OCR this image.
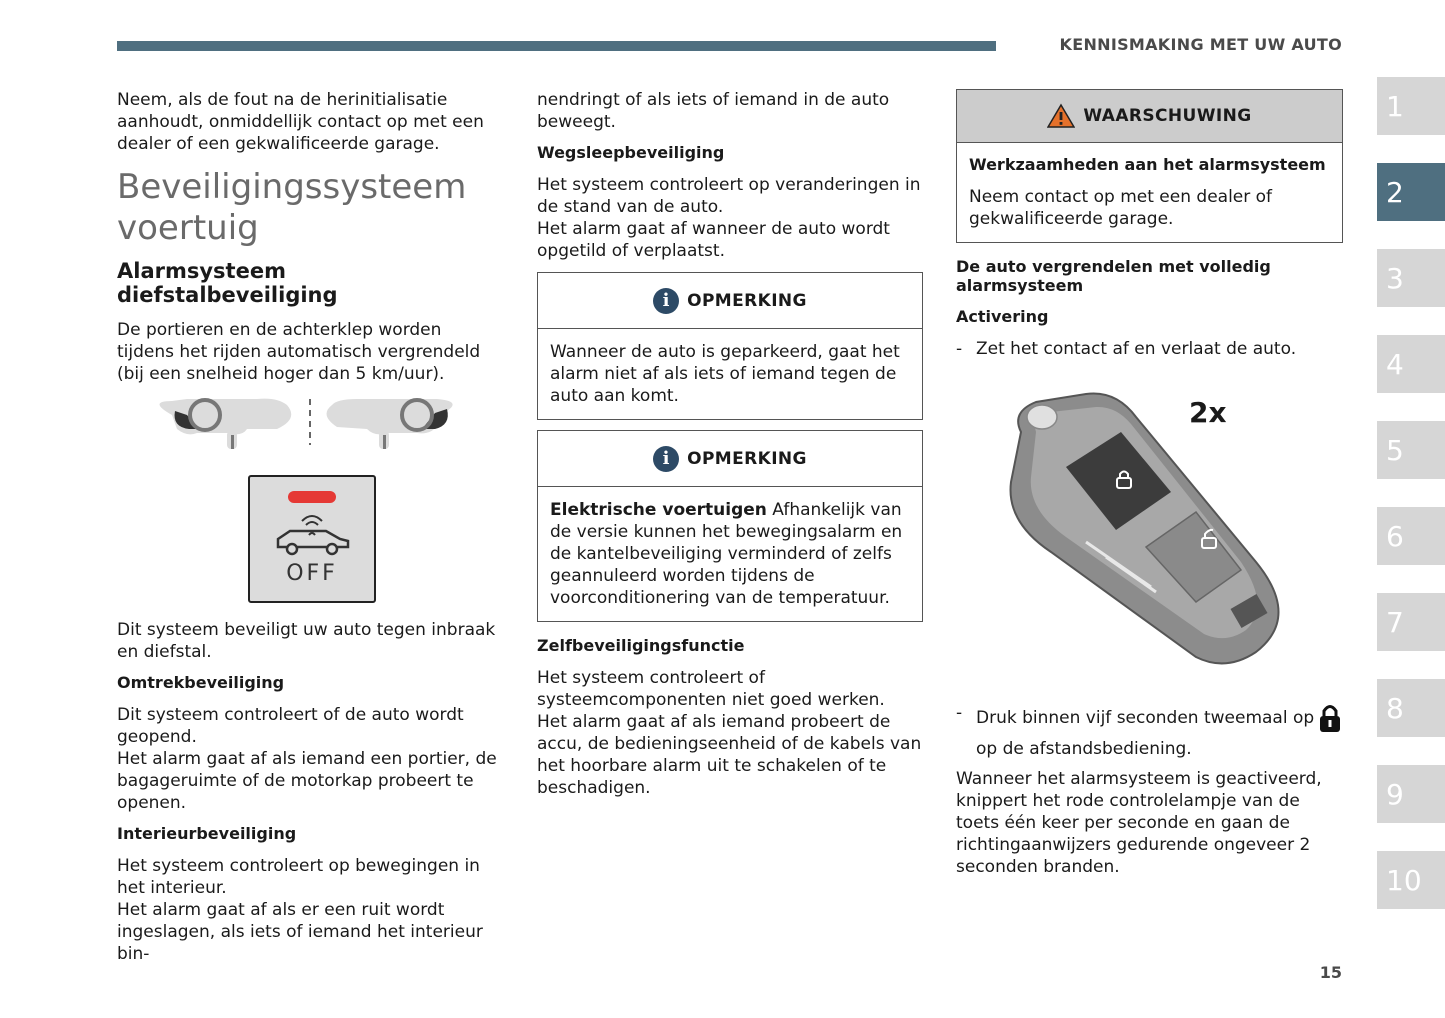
KENNISMAKING MET UW AUTO

Neem, als de fout na de herinitialisatie aanhoudt, onmiddellijk contact op met een dealer of een gekwalificeerde garage.

Beveiligingssysteem
voertuig
Alarmsysteem diefstalbeveiliging

De portieren en de achterklep worden tijdens het rijden automatisch vergrendeld (bij een snelheid hoger dan 5 km/uur).

OFF

Dit systeem beveiligt uw auto tegen inbraak en diefstal.

Omtrekbeveiliging

Dit systeem controleert of de auto wordt geopend.

Het alarm gaat af als iemand een portier, de bagageruimte of de motorkap probeert te openen.

Interieurbeveiliging

Het systeem controleert op bewegingen in het interieur.

Het alarm gaat af als er een ruit wordt ingeslagen, als iets of iemand het interieur bin-

nendringt of als iets of iemand in de auto beweegt.

Wegsleepbeveiliging

Het systeem controleert op veranderingen in de stand van de auto.

Het alarm gaat af wanneer de auto wordt opgetild of verplaatst.

i	OPMERKING

Wanneer de auto is geparkeerd, gaat het alarm niet af als iets of iemand tegen de auto aan komt.

i	OPMERKING

Elektrische voertuigen Afhankelijk van de versie kunnen het bewegingsalarm en de kantelbeveiliging verminderd of zelfs geannuleerd worden tijdens de voorconditionering van de temperatuur.

Zelfbeveiligingsfunctie

Het systeem controleert of systeemcomponenten niet goed werken.

Het alarm gaat af als iemand probeert de accu, de bedieningseenheid of de kabels van het hoorbare alarm uit te schakelen of te beschadigen.

WAARSCHUWING
Werkzaamheden aan het alarmsysteem

Neem contact op met een dealer of gekwalificeerde garage.

De auto vergrendelen met volledig alarmsysteem
Activering
- Zet het contact af en verlaat de auto.

2x
- Druk binnen vijf seconden tweemaal op

op de afstandsbediening.

Wanneer het alarmsysteem is geactiveerd, knippert het rode controlelampje van de toets één keer per seconde en gaan de richtingaanwijzers gedurende ongeveer 2 seconden branden.

1
2
3
4
5
6
7
8
9
10
15
